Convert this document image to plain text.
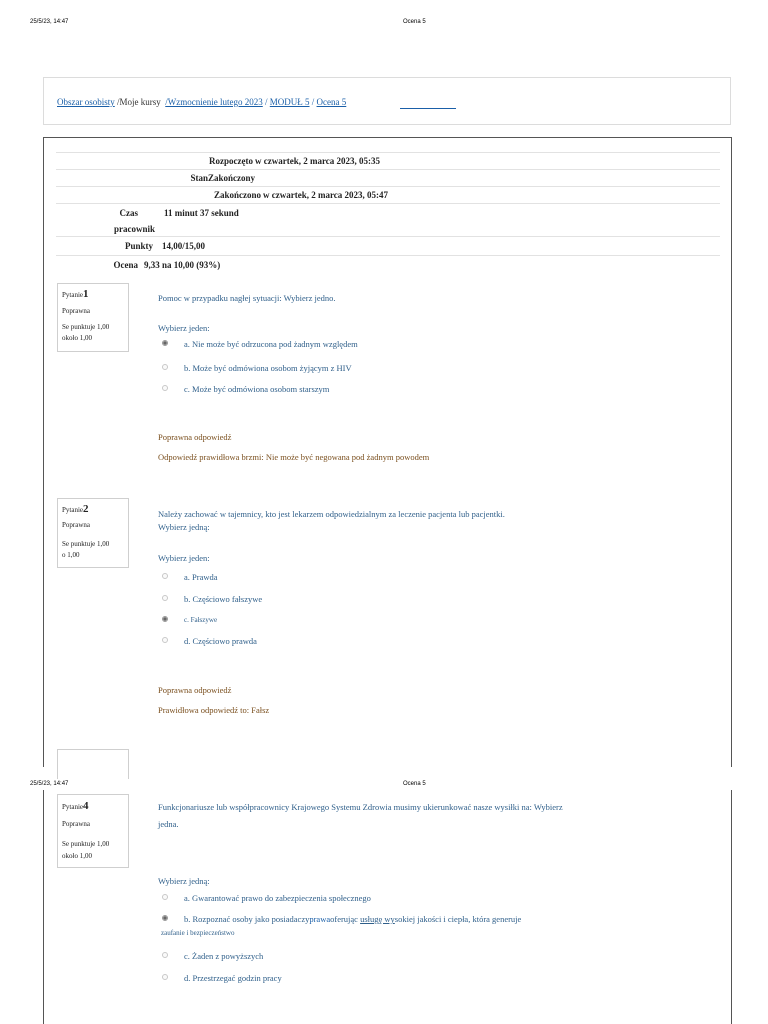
25/5/23, 14:47	Ocena 5
Obszar osobisty /Moje kursy /Wzmocnienie lutego 2023 / MODUŁ 5 / Ocena 5
Rozpoczęto w czwartek, 2 marca 2023, 05:35
Stan Zakończony
Zakończono w czwartek, 2 marca 2023, 05:47
Czas
pracownik
11 minut 37 sekund
Punkty 14,00/15,00
Ocena 9,33 na 10,00 (93%)
Pytanie1
Poprawna
Se punktuje 1,00
około 1,00
Pomoc w przypadku nagłej sytuacji: Wybierz jedno.
Wybierz jeden:
a. Nie może być odrzucona pod żadnym względem
b. Może być odmówiona osobom żyjącym z HIV
c. Może być odmówiona osobom starszym
Poprawna odpowiedź
Odpowiedź prawidłowa brzmi: Nie może być negowana pod żadnym powodem
Pytanie2
Poprawna
Se punktuje 1,00
o 1,00
Należy zachować w tajemnicy, kto jest lekarzem odpowiedzialnym za leczenie pacjenta lub pacjentki.
Wybierz jedną:
Wybierz jeden:
a. Prawda
b. Częściowo fałszywe
c. Fałszywe
d. Częściowo prawda
Poprawna odpowiedź
Prawidłowa odpowiedź to: Fałsz
25/5/23, 14:47	Ocena 5
Pytanie4
Poprawna
Se punktuje 1,00
około 1,00
Funkcjonariusze lub współpracownicy Krajowego Systemu Zdrowia musimy ukierunkować nasze wysiłki na: Wybierz
jedna.
Wybierz jedną:
a. Gwarantować prawo do zabezpieczenia społecznego
b. Rozpoznać osoby jako posiadaczyprawaoferując usługę wysokiej jakości i ciepła, która generuje
zaufanie i bezpieczeństwo
c. Żaden z powyższych
d. Przestrzegać godzin pracy
